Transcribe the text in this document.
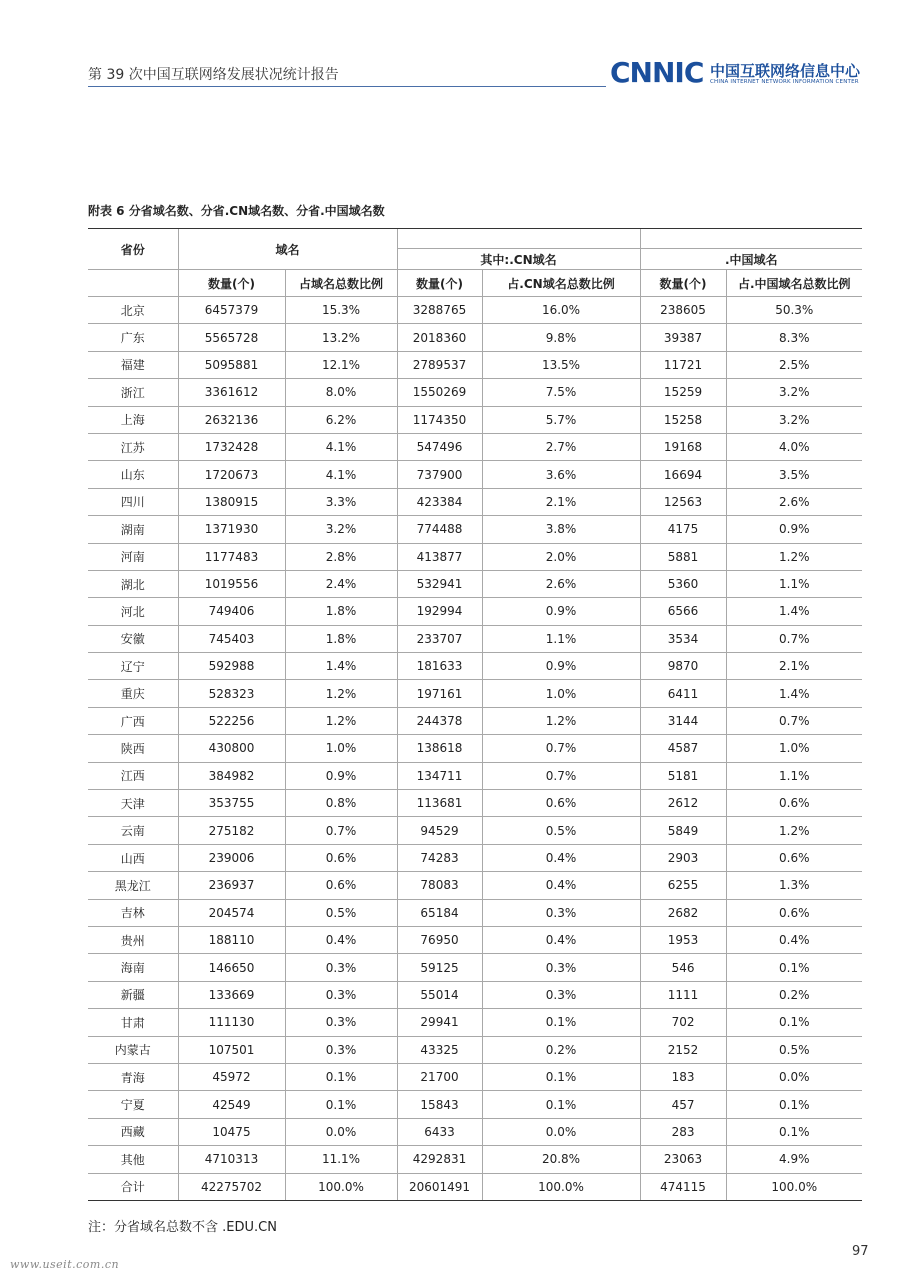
第 39 次中国互联网络发展状况统计报告	CNNIC 中国互联网络信息中心
CHINA INTERNET NETWORK INFORMATION CENTER
附表 6 分省域名数、分省.CN域名数、分省.中国域名数
省份	域名					
			其中:.CN域名		.中国域名	
	数量(个)	占域名总数比例	数量(个)	占.CN域名总数比例	数量(个)	占.中国域名总数比例
北京	6457379	15.3%	3288765	16.0%	238605	50.3%
广东	5565728	13.2%	2018360	9.8%	39387	8.3%
福建	5095881	12.1%	2789537	13.5%	11721	2.5%
浙江	3361612	8.0%	1550269	7.5%	15259	3.2%
上海	2632136	6.2%	1174350	5.7%	15258	3.2%
江苏	1732428	4.1%	547496	2.7%	19168	4.0%
山东	1720673	4.1%	737900	3.6%	16694	3.5%
四川	1380915	3.3%	423384	2.1%	12563	2.6%
湖南	1371930	3.2%	774488	3.8%	4175	0.9%
河南	1177483	2.8%	413877	2.0%	5881	1.2%
湖北	1019556	2.4%	532941	2.6%	5360	1.1%
河北	749406	1.8%	192994	0.9%	6566	1.4%
安徽	745403	1.8%	233707	1.1%	3534	0.7%
辽宁	592988	1.4%	181633	0.9%	9870	2.1%
重庆	528323	1.2%	197161	1.0%	6411	1.4%
广西	522256	1.2%	244378	1.2%	3144	0.7%
陕西	430800	1.0%	138618	0.7%	4587	1.0%
江西	384982	0.9%	134711	0.7%	5181	1.1%
天津	353755	0.8%	113681	0.6%	2612	0.6%
云南	275182	0.7%	94529	0.5%	5849	1.2%
山西	239006	0.6%	74283	0.4%	2903	0.6%
黑龙江	236937	0.6%	78083	0.4%	6255	1.3%
吉林	204574	0.5%	65184	0.3%	2682	0.6%
贵州	188110	0.4%	76950	0.4%	1953	0.4%
海南	146650	0.3%	59125	0.3%	546	0.1%
新疆	133669	0.3%	55014	0.3%	1111	0.2%
甘肃	111130	0.3%	29941	0.1%	702	0.1%
内蒙古	107501	0.3%	43325	0.2%	2152	0.5%
青海	45972	0.1%	21700	0.1%	183	0.0%
宁夏	42549	0.1%	15843	0.1%	457	0.1%
西藏	10475	0.0%	6433	0.0%	283	0.1%
其他	4710313	11.1%	4292831	20.8%	23063	4.9%
合计	42275702	100.0%	20601491	100.0%	474115	100.0%
注：分省域名总数不含 .EDU.CN
97
www.useit.com.cn
